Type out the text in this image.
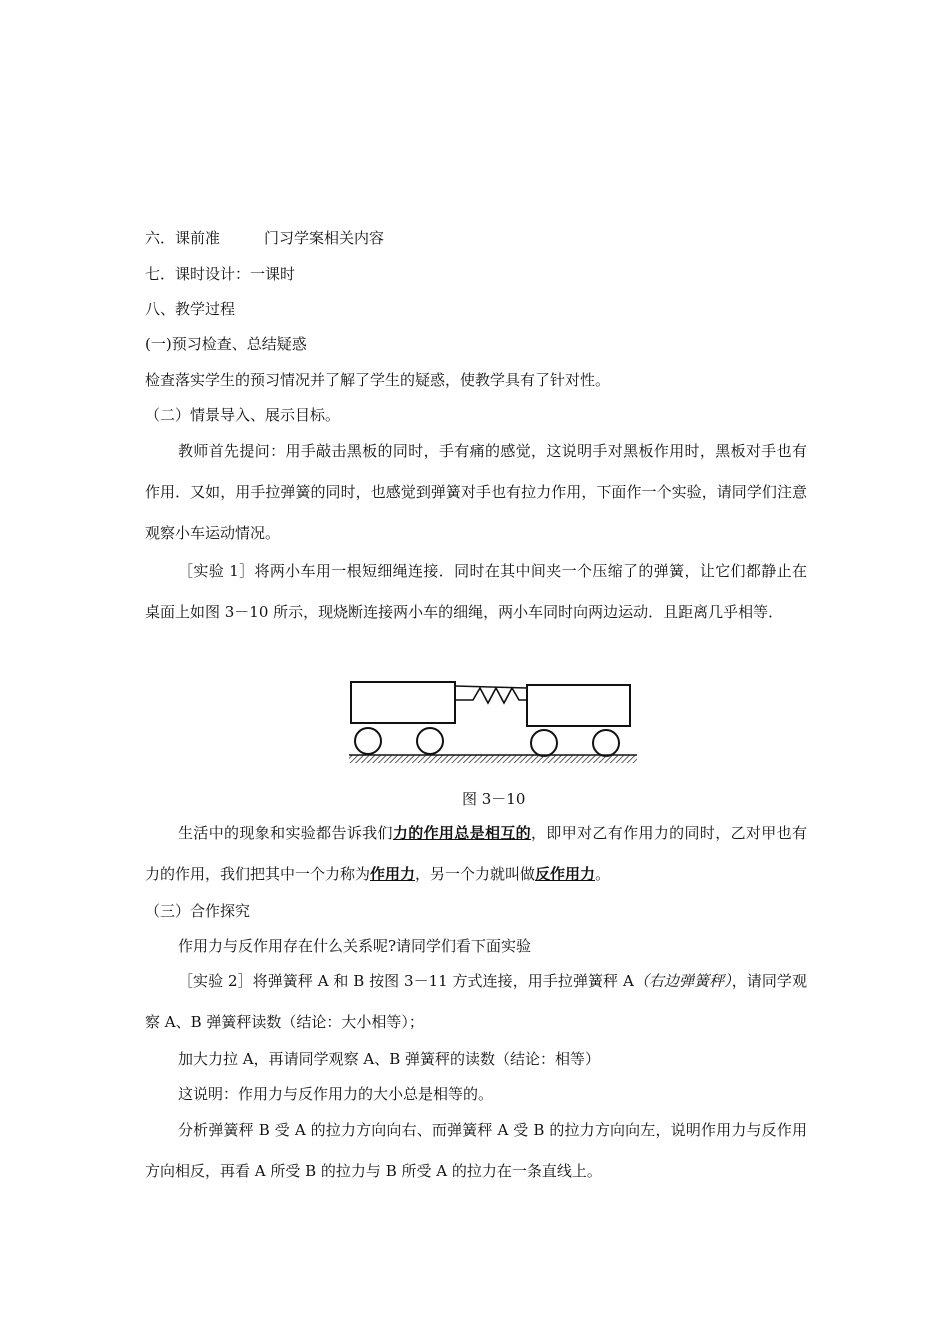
六．课前准	门习学案相关内容
七．课时设计：一课时
八、教学过程
(一)预习检查、总结疑惑
检查落实学生的预习情况并了解了学生的疑惑，使教学具有了针对性。
（二）情景导入、展示目标。
教师首先提问：用手敲击黑板的同时，手有痛的感觉，这说明手对黑板作用时，黑板对手也有作用．又如，用手拉弹簧的同时，也感觉到弹簧对手也有拉力作用，下面作一个实验，请同学们注意观察小车运动情况。
［实验 1］将两小车用一根短细绳连接．同时在其中间夹一个压缩了的弹簧，让它们都静止在桌面上如图 3－10 所示，现烧断连接两小车的细绳，两小车同时向两边运动．且距离几乎相等．
图 3－10
生活中的现象和实验都告诉我们力的作用总是相互的，即甲对乙有作用力的同时，乙对甲也有力的作用，我们把其中一个力称为作用力，另一个力就叫做反作用力。
（三）合作探究
作用力与反作用存在什么关系呢?请同学们看下面实验
［实验 2］将弹簧秤 A 和 B 按图 3－11 方式连接，用手拉弹簧秤 A（右边弹簧秤），请同学观察 A、B 弹簧秤读数（结论：大小相等）；
加大力拉 A，再请同学观察 A、B 弹簧秤的读数（结论：相等）
这说明：作用力与反作用力的大小总是相等的。
分析弹簧秤 B 受 A 的拉力方向向右、而弹簧秤 A 受 B 的拉力方向向左，说明作用力与反作用方向相反，再看 A 所受 B 的拉力与 B 所受 A 的拉力在一条直线上。
